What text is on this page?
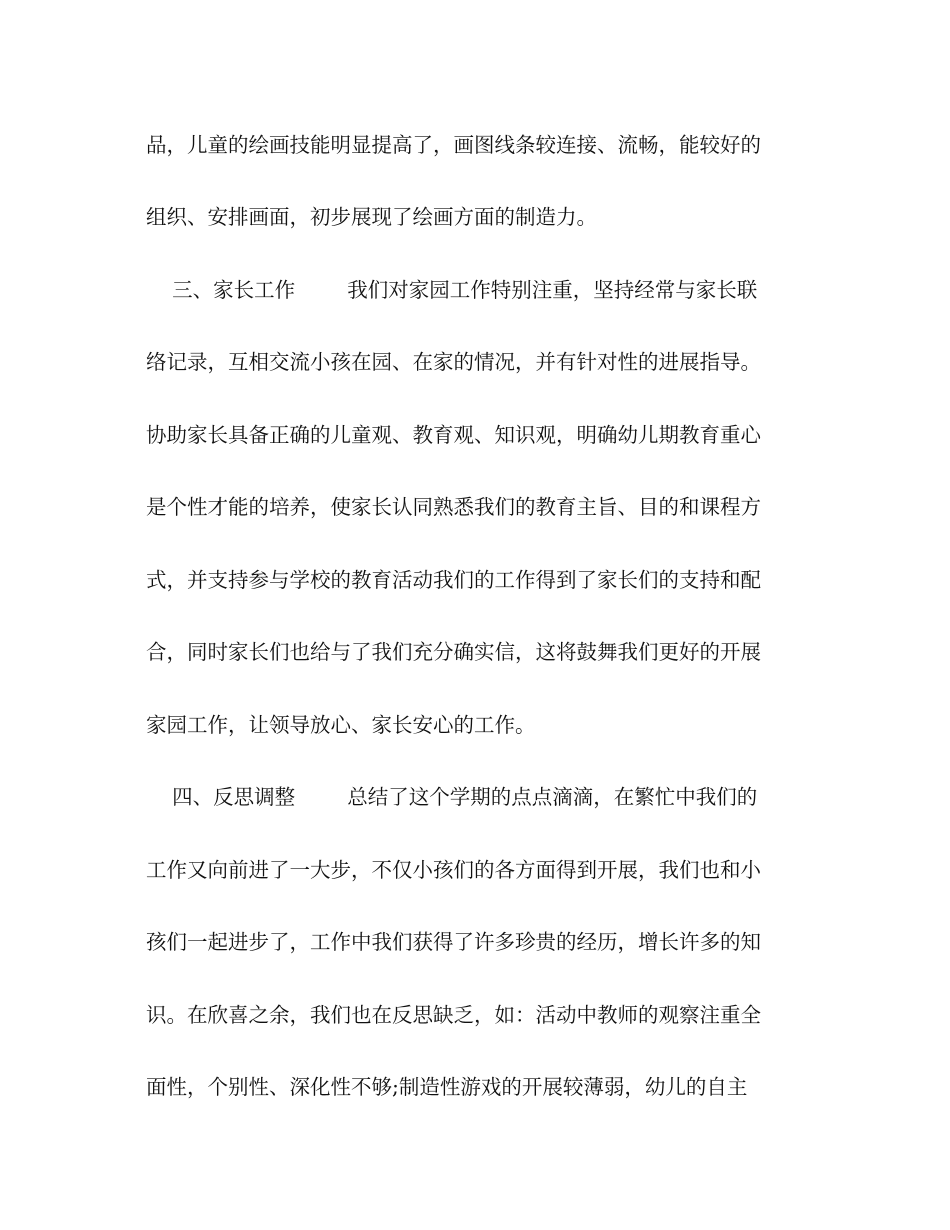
品，儿童的绘画技能明显提高了，画图线条较连接、流畅，能较好的
组织、安排画面，初步展现了绘画方面的制造力。
三、家长工作        我们对家园工作特别注重，坚持经常与家长联
络记录，互相交流小孩在园、在家的情况，并有针对性的进展指导。
协助家长具备正确的儿童观、教育观、知识观，明确幼儿期教育重心
是个性才能的培养，使家长认同熟悉我们的教育主旨、目的和课程方
式，并支持参与学校的教育活动我们的工作得到了家长们的支持和配
合，同时家长们也给与了我们充分确实信，这将鼓舞我们更好的开展
家园工作，让领导放心、家长安心的工作。
四、反思调整        总结了这个学期的点点滴滴，在繁忙中我们的
工作又向前进了一大步，不仅小孩们的各方面得到开展，我们也和小
孩们一起进步了，工作中我们获得了许多珍贵的经历，增长许多的知
识。在欣喜之余，我们也在反思缺乏，如：活动中教师的观察注重全
面性，个别性、深化性不够;制造性游戏的开展较薄弱，幼儿的自主
